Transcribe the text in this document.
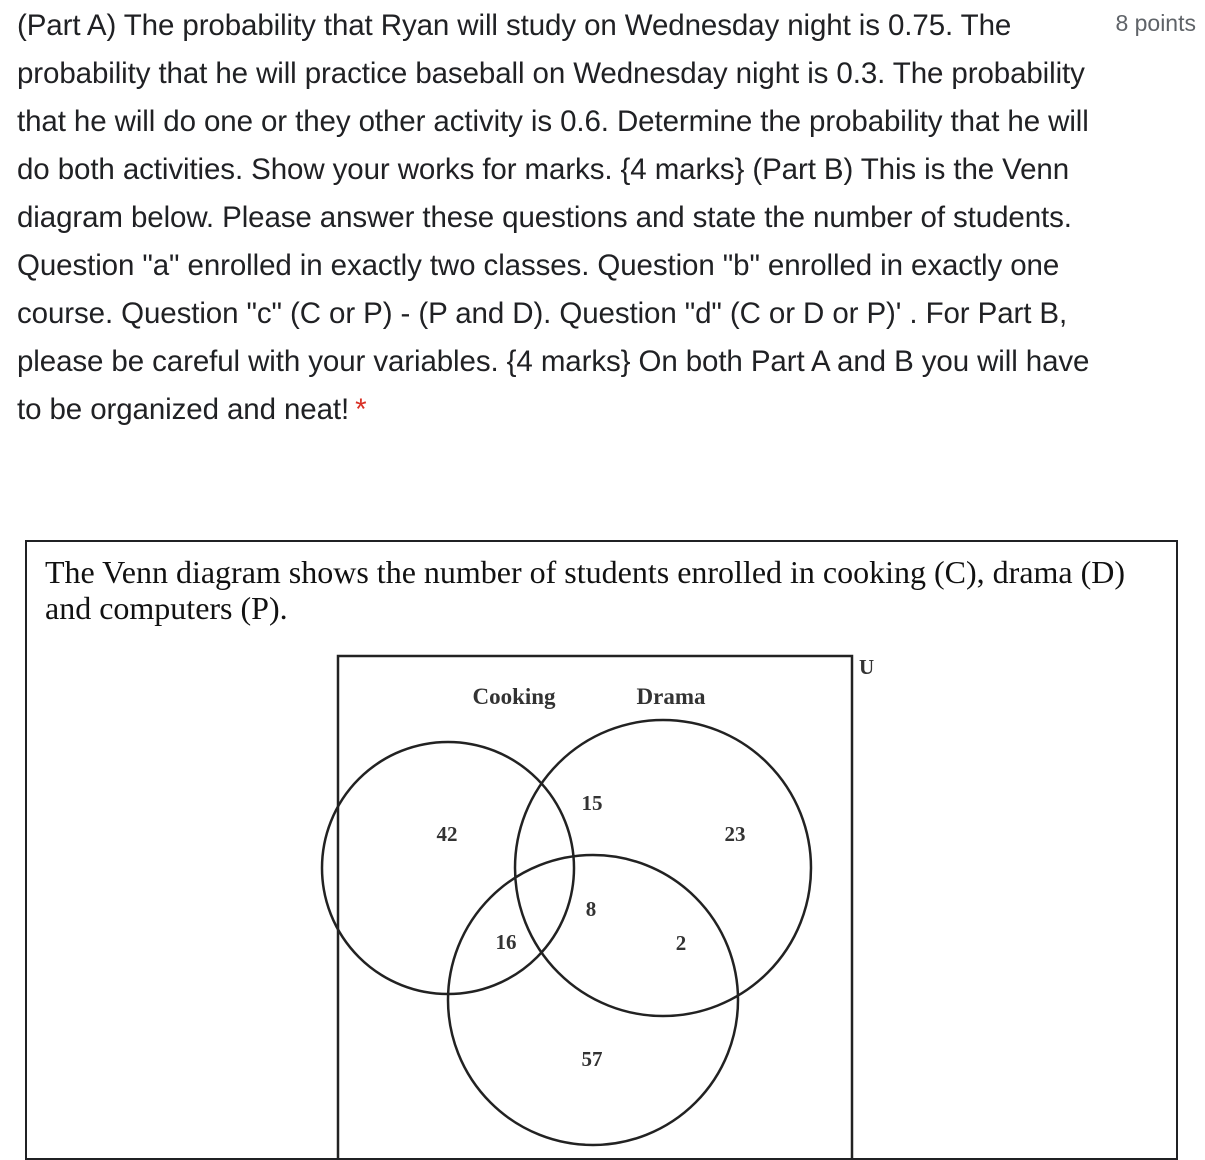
(Part A) The probability that Ryan will study on Wednesday night is 0.75. The probability that he will practice baseball on Wednesday night is 0.3. The probability that he will do one or they other activity is 0.6. Determine the probability that he will do both activities. Show your works for marks. {4 marks} (Part B) This is the Venn diagram below. Please answer these questions and state the number of students. Question "a" enrolled in exactly two classes. Question "b" enrolled in exactly one course. Question "c" (C or P) - (P and D). Question "d" (C or D or P)' . For Part B, please be careful with your variables. {4 marks} On both Part A and B you will have to be organized and neat! *
8 points
The Venn diagram shows the number of students enrolled in cooking (C), drama (D) and computers (P).
U
Cooking	Drama
42
15
23
8
16	2
57
